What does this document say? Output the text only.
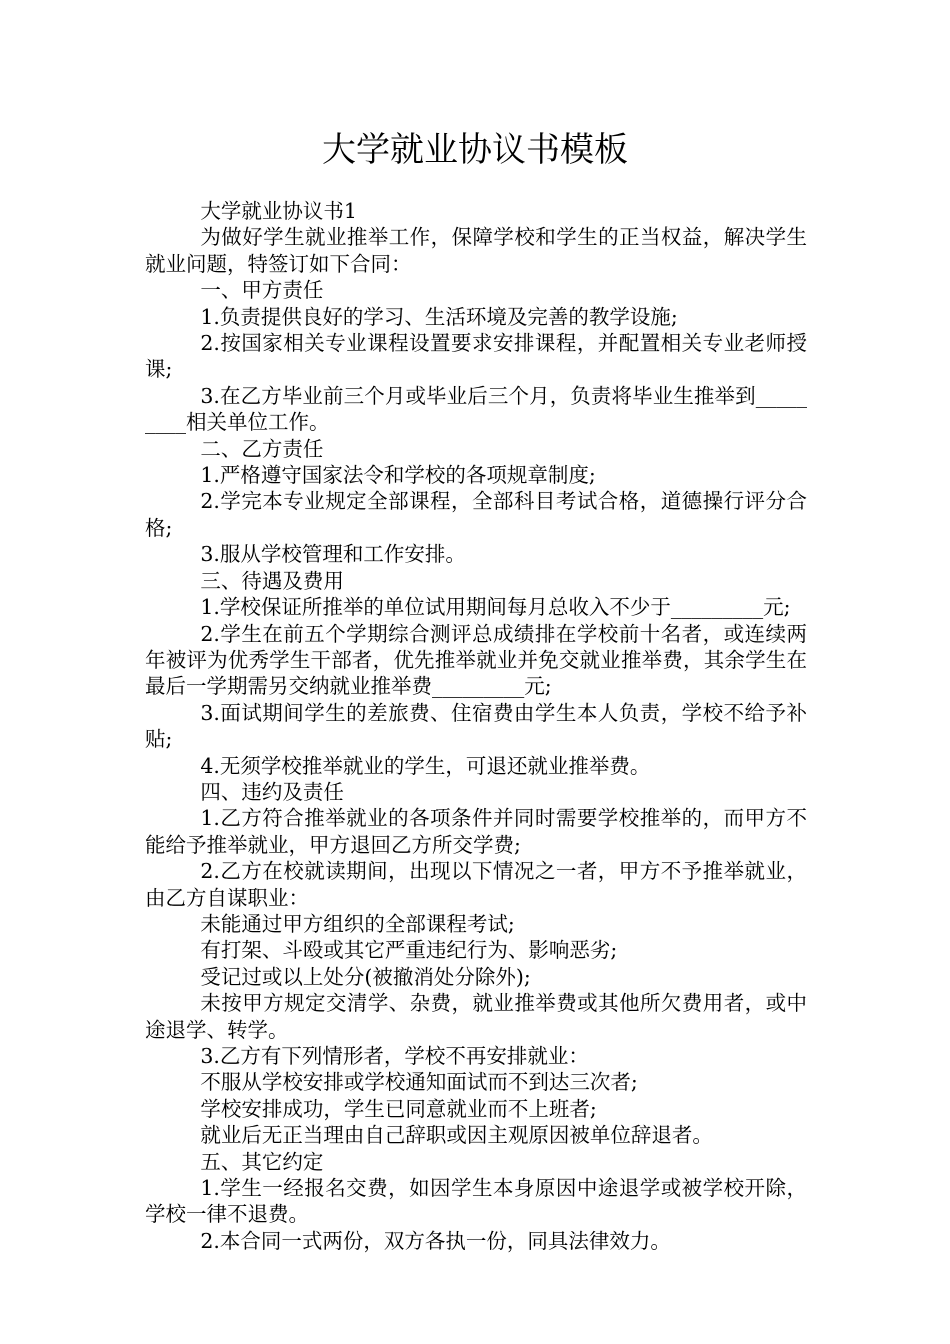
大学就业协议书模板

大学就业协议书1

为做好学生就业推举工作，保障学校和学生的正当权益，解决学生就业问题，特签订如下合同：

一、甲方责任

1.负责提供良好的学习、生活环境及完善的教学设施;

2.按国家相关专业课程设置要求安排课程，并配置相关专业老师授课;

3.在乙方毕业前三个月或毕业后三个月，负责将毕业生推举到_________相关单位工作。

二、乙方责任

1.严格遵守国家法令和学校的各项规章制度;

2.学完本专业规定全部课程，全部科目考试合格，道德操行评分合格;

3.服从学校管理和工作安排。

三、待遇及费用

1.学校保证所推举的单位试用期间每月总收入不少于_________元;

2.学生在前五个学期综合测评总成绩排在学校前十名者，或连续两年被评为优秀学生干部者，优先推举就业并免交就业推举费，其余学生在最后一学期需另交纳就业推举费_________元;

3.面试期间学生的差旅费、住宿费由学生本人负责，学校不给予补贴;

4.无须学校推举就业的学生，可退还就业推举费。

四、违约及责任

1.乙方符合推举就业的各项条件并同时需要学校推举的，而甲方不能给予推举就业，甲方退回乙方所交学费;

2.乙方在校就读期间，出现以下情况之一者，甲方不予推举就业，由乙方自谋职业：

未能通过甲方组织的全部课程考试;

有打架、斗殴或其它严重违纪行为、影响恶劣;

受记过或以上处分(被撤消处分除外);

未按甲方规定交清学、杂费，就业推举费或其他所欠费用者，或中途退学、转学。

3.乙方有下列情形者，学校不再安排就业：

不服从学校安排或学校通知面试而不到达三次者;

学校安排成功，学生已同意就业而不上班者;

就业后无正当理由自己辞职或因主观原因被单位辞退者。

五、其它约定

1.学生一经报名交费，如因学生本身原因中途退学或被学校开除，学校一律不退费。

2.本合同一式两份，双方各执一份，同具法律效力。
